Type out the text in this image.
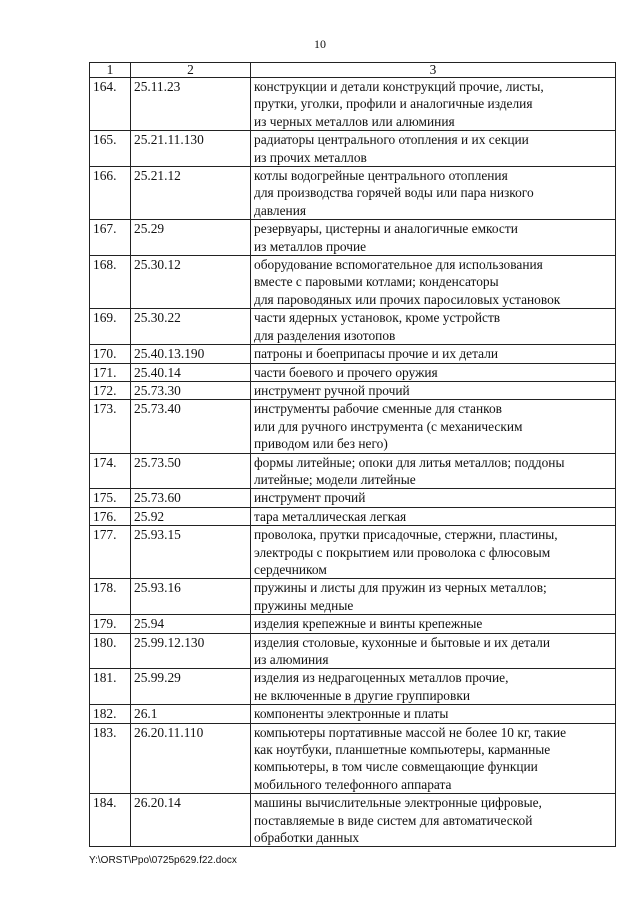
10
1	2	3
164.	25.11.23	конструкции и детали конструкций прочие, листы,
прутки, уголки, профили и аналогичные изделия
из черных металлов или алюминия
165.	25.21.11.130	радиаторы центрального отопления и их секции
из прочих металлов
166.	25.21.12	котлы водогрейные центрального отопления
для производства горячей воды или пара низкого
давления
167.	25.29	резервуары, цистерны и аналогичные емкости
из металлов прочие
168.	25.30.12	оборудование вспомогательное для использования
вместе с паровыми котлами; конденсаторы
для пароводяных или прочих паросиловых установок
169.	25.30.22	части ядерных установок, кроме устройств
для разделения изотопов
170.	25.40.13.190	патроны и боеприпасы прочие и их детали
171.	25.40.14	части боевого и прочего оружия
172.	25.73.30	инструмент ручной прочий
173.	25.73.40	инструменты рабочие сменные для станков
или для ручного инструмента (с механическим
приводом или без него)
174.	25.73.50	формы литейные; опоки для литья металлов; поддоны
литейные; модели литейные
175.	25.73.60	инструмент прочий
176.	25.92	тара металлическая легкая
177.	25.93.15	проволока, прутки присадочные, стержни, пластины,
электроды с покрытием или проволока с флюсовым
сердечником
178.	25.93.16	пружины и листы для пружин из черных металлов;
пружины медные
179.	25.94	изделия крепежные и винты крепежные
180.	25.99.12.130	изделия столовые, кухонные и бытовые и их детали
из алюминия
181.	25.99.29	изделия из недрагоценных металлов прочие,
не включенные в другие группировки
182.	26.1	компоненты электронные и платы
183.	26.20.11.110	компьютеры портативные массой не более 10 кг, такие
как ноутбуки, планшетные компьютеры, карманные
компьютеры, в том числе совмещающие функции
мобильного телефонного аппарата
184.	26.20.14	машины вычислительные электронные цифровые,
поставляемые в виде систем для автоматической
обработки данных
Y:\ORST\Ppo\0725p629.f22.docx
